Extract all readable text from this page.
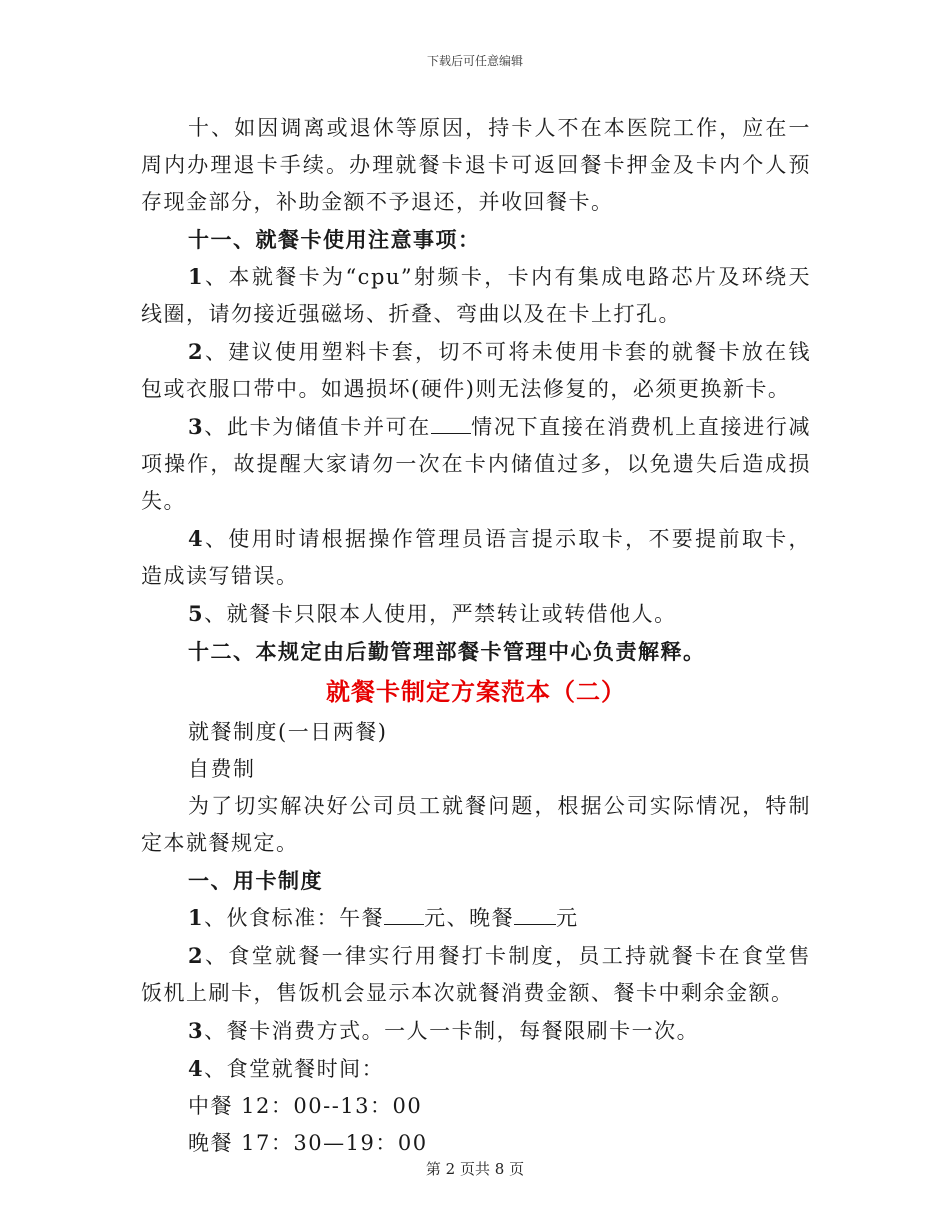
下载后可任意编辑

十、如因调离或退休等原因，持卡人不在本医院工作，应在一周内办理退卡手续。办理就餐卡退卡可返回餐卡押金及卡内个人预存现金部分，补助金额不予退还，并收回餐卡。

十一、就餐卡使用注意事项：

1、本就餐卡为“cpu”射频卡，卡内有集成电路芯片及环绕天线圈，请勿接近强磁场、折叠、弯曲以及在卡上打孔。

2、建议使用塑料卡套，切不可将未使用卡套的就餐卡放在钱包或衣服口带中。如遇损坏(硬件)则无法修复的，必须更换新卡。

3、此卡为储值卡并可在 情况下直接在消费机上直接进行减项操作，故提醒大家请勿一次在卡内储值过多，以免遗失后造成损失。

4、使用时请根据操作管理员语言提示取卡，不要提前取卡，造成读写错误。

5、就餐卡只限本人使用，严禁转让或转借他人。

十二、本规定由后勤管理部餐卡管理中心负责解释。

就餐卡制定方案范本（二）

就餐制度(一日两餐)

自费制

为了切实解决好公司员工就餐问题，根据公司实际情况，特制定本就餐规定。

一、用卡制度

1、伙食标准：午餐 元、晚餐 元

2、食堂就餐一律实行用餐打卡制度，员工持就餐卡在食堂售饭机上刷卡，售饭机会显示本次就餐消费金额、餐卡中剩余金额。

3、餐卡消费方式。一人一卡制，每餐限刷卡一次。

4、食堂就餐时间：

中餐 12：00--13：00

晚餐 17：30—19：00

第 2 页共 8 页
